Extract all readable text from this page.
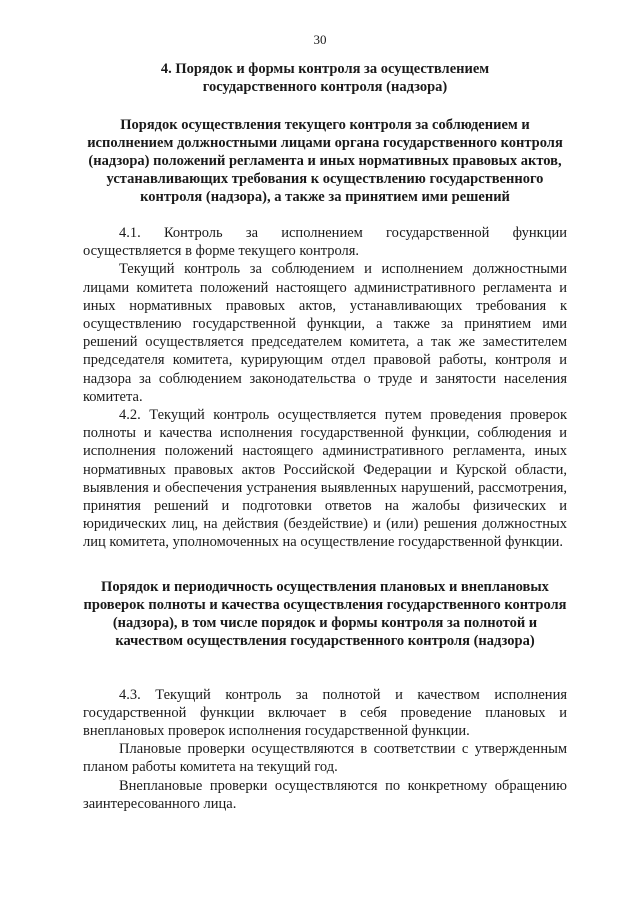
30
4. Порядок и формы контроля за осуществлением государственного контроля (надзора)
Порядок осуществления текущего контроля за соблюдением и исполнением должностными лицами органа государственного контроля (надзора) положений регламента и иных нормативных правовых актов, устанавливающих требования к осуществлению государственного контроля (надзора), а также за принятием ими решений

4.1. Контроль за исполнением государственной функции осуществляется в форме текущего контроля.

Текущий контроль за соблюдением и исполнением должностными лицами комитета положений настоящего административного регламента и иных нормативных правовых актов, устанавливающих требования к осуществлению государственной функции, а также за принятием ими решений осуществляется председателем комитета, а так же заместителем председателя комитета, курирующим отдел правовой работы, контроля и надзора за соблюдением законодательства о труде и занятости населения комитета.

4.2. Текущий контроль осуществляется путем проведения проверок полноты и качества исполнения государственной функции, соблюдения и исполнения положений настоящего административного регламента, иных нормативных правовых актов Российской Федерации и Курской области, выявления и обеспечения устранения выявленных нарушений, рассмотрения, принятия решений и подготовки ответов на жалобы физических и юридических лиц, на действия (бездействие) и (или) решения должностных лиц комитета, уполномоченных на осуществление государственной функции.

Порядок и периодичность осуществления плановых и внеплановых проверок полноты и качества осуществления государственного контроля (надзора), в том числе порядок и формы контроля за полнотой и качеством осуществления государственного контроля (надзора)

4.3. Текущий контроль за полнотой и качеством исполнения государственной функции включает в себя проведение плановых и внеплановых проверок исполнения государственной функции.

Плановые проверки осуществляются в соответствии с утвержденным планом работы комитета на текущий год.

Внеплановые проверки осуществляются по конкретному обращению заинтересованного лица.
